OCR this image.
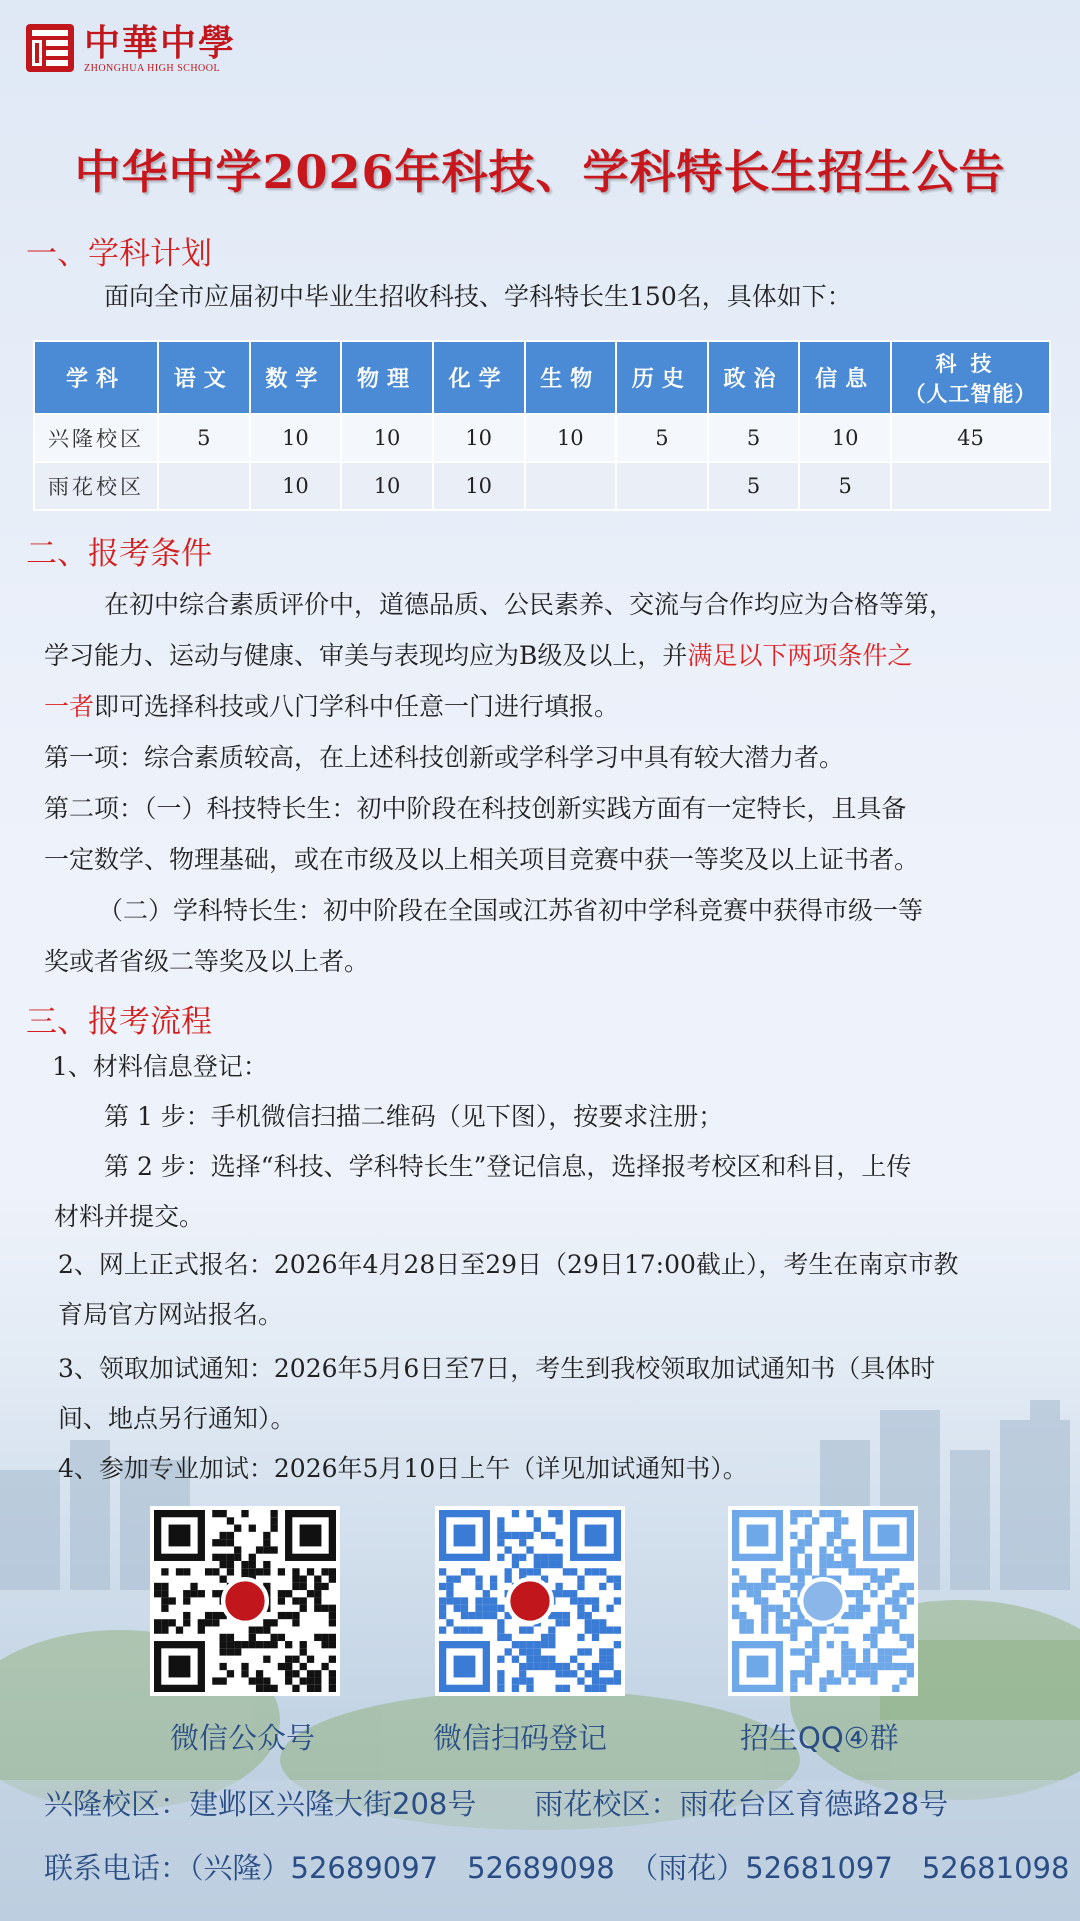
中華中學
ZHONGHUA HIGH SCHOOL
中华中学2026年科技、学科特长生招生公告
一、学科计划
面向全市应届初中毕业生招收科技、学科特长生150名，具体如下：
学科	语文	数学	物理	化学	生物	历史	政治	信息	科技
（人工智能）

兴隆校区	5	10	10	10	10	5	5	10	45
雨花校区		10	10	10			5	5	
二、报考条件
在初中综合素质评价中，道德品质、公民素养、交流与合作均应为合格等第，
学习能力、运动与健康、审美与表现均应为B级及以上，并满足以下两项条件之
一者即可选择科技或八门学科中任意一门进行填报。
第一项：综合素质较高，在上述科技创新或学科学习中具有较大潜力者。
第二项：（一）科技特长生：初中阶段在科技创新实践方面有一定特长，且具备
一定数学、物理基础，或在市级及以上相关项目竞赛中获一等奖及以上证书者。
（二）学科特长生：初中阶段在全国或江苏省初中学科竞赛中获得市级一等
奖或者省级二等奖及以上者。
三、报考流程
1、材料信息登记：
第 1 步：手机微信扫描二维码（见下图），按要求注册；
第 2 步：选择“科技、学科特长生”登记信息，选择报考校区和科目，上传
材料并提交。
2、网上正式报名：2026年4月28日至29日（29日17:00截止），考生在南京市教
育局官方网站报名。
3、领取加试通知：2026年5月6日至7日，考生到我校领取加试通知书（具体时
间、地点另行通知）。
4、参加专业加试：2026年5月10日上午（详见加试通知书）。
微信公众号	微信扫码登记	招生QQ④群
兴隆校区：建邺区兴隆大街208号　　雨花校区：雨花台区育德路28号
联系电话：（兴隆）52689097　52689098　（雨花）52681097　52681098
